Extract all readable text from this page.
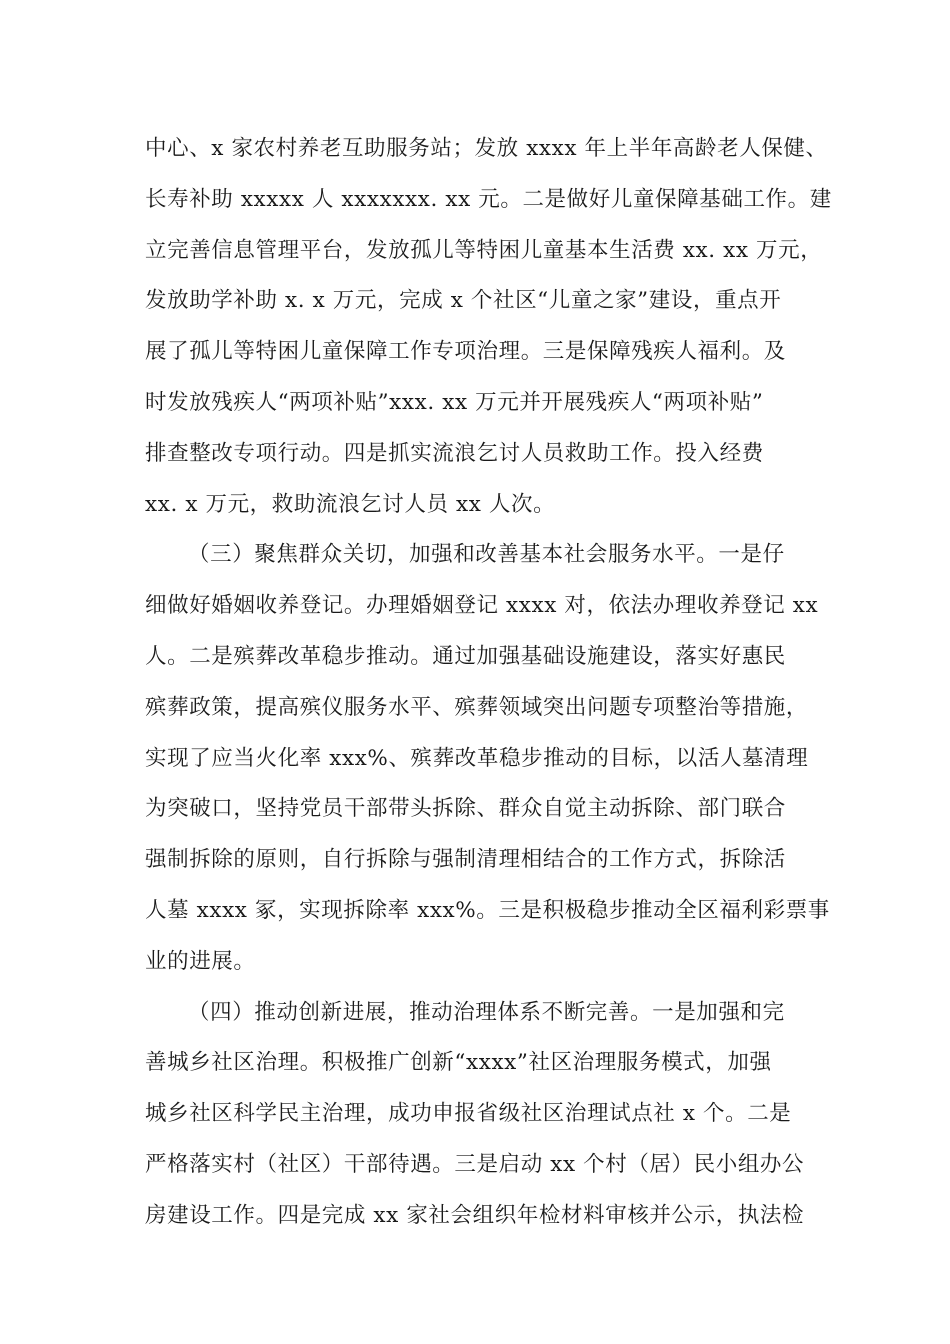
中心、x 家农村养老互助服务站；发放 xxxx 年上半年高龄老人保健、
长寿补助 xxxxx 人 xxxxxxx. xx 元。二是做好儿童保障基础工作。建
立完善信息管理平台，发放孤儿等特困儿童基本生活费 xx. xx 万元，
发放助学补助 x. x 万元，完成 x 个社区“儿童之家”建设，重点开
展了孤儿等特困儿童保障工作专项治理。三是保障残疾人福利。及
时发放残疾人“两项补贴”xxx. xx 万元并开展残疾人“两项补贴”
排查整改专项行动。四是抓实流浪乞讨人员救助工作。投入经费
xx. x 万元，救助流浪乞讨人员 xx 人次。
（三）聚焦群众关切，加强和改善基本社会服务水平。一是仔
细做好婚姻收养登记。办理婚姻登记 xxxx 对，依法办理收养登记 xx
人。二是殡葬改革稳步推动。通过加强基础设施建设，落实好惠民
殡葬政策，提高殡仪服务水平、殡葬领域突出问题专项整治等措施，
实现了应当火化率 xxx%、殡葬改革稳步推动的目标，以活人墓清理
为突破口，坚持党员干部带头拆除、群众自觉主动拆除、部门联合
强制拆除的原则，自行拆除与强制清理相结合的工作方式，拆除活
人墓 xxxx 冢，实现拆除率 xxx%。三是积极稳步推动全区福利彩票事
业的进展。
（四）推动创新进展，推动治理体系不断完善。一是加强和完
善城乡社区治理。积极推广创新“xxxx”社区治理服务模式，加强
城乡社区科学民主治理，成功申报省级社区治理试点社 x 个。二是
严格落实村（社区）干部待遇。三是启动 xx 个村（居）民小组办公
房建设工作。四是完成 xx 家社会组织年检材料审核并公示，执法检
